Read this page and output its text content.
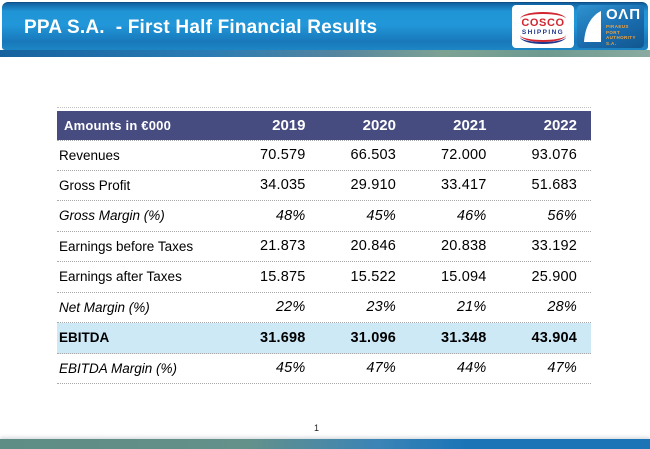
PPA S.A.  - First Half Financial Results	COSCO
SHIPPING
ΟΛΠ
PIRAEUS PORT
AUTHORITY S.A.
Amounts in €000	2019	2020	2021	2022
Revenues	70.579	66.503	72.000	93.076
Gross Profit	34.035	29.910	33.417	51.683
Gross Margin (%)	48%	45%	46%	56%
Earnings before Taxes	21.873	20.846	20.838	33.192
Earnings after Taxes	15.875	15.522	15.094	25.900
Net Margin (%)	22%	23%	21%	28%
EBITDA	31.698	31.096	31.348	43.904
EBITDA Margin (%)	45%	47%	44%	47%
1
